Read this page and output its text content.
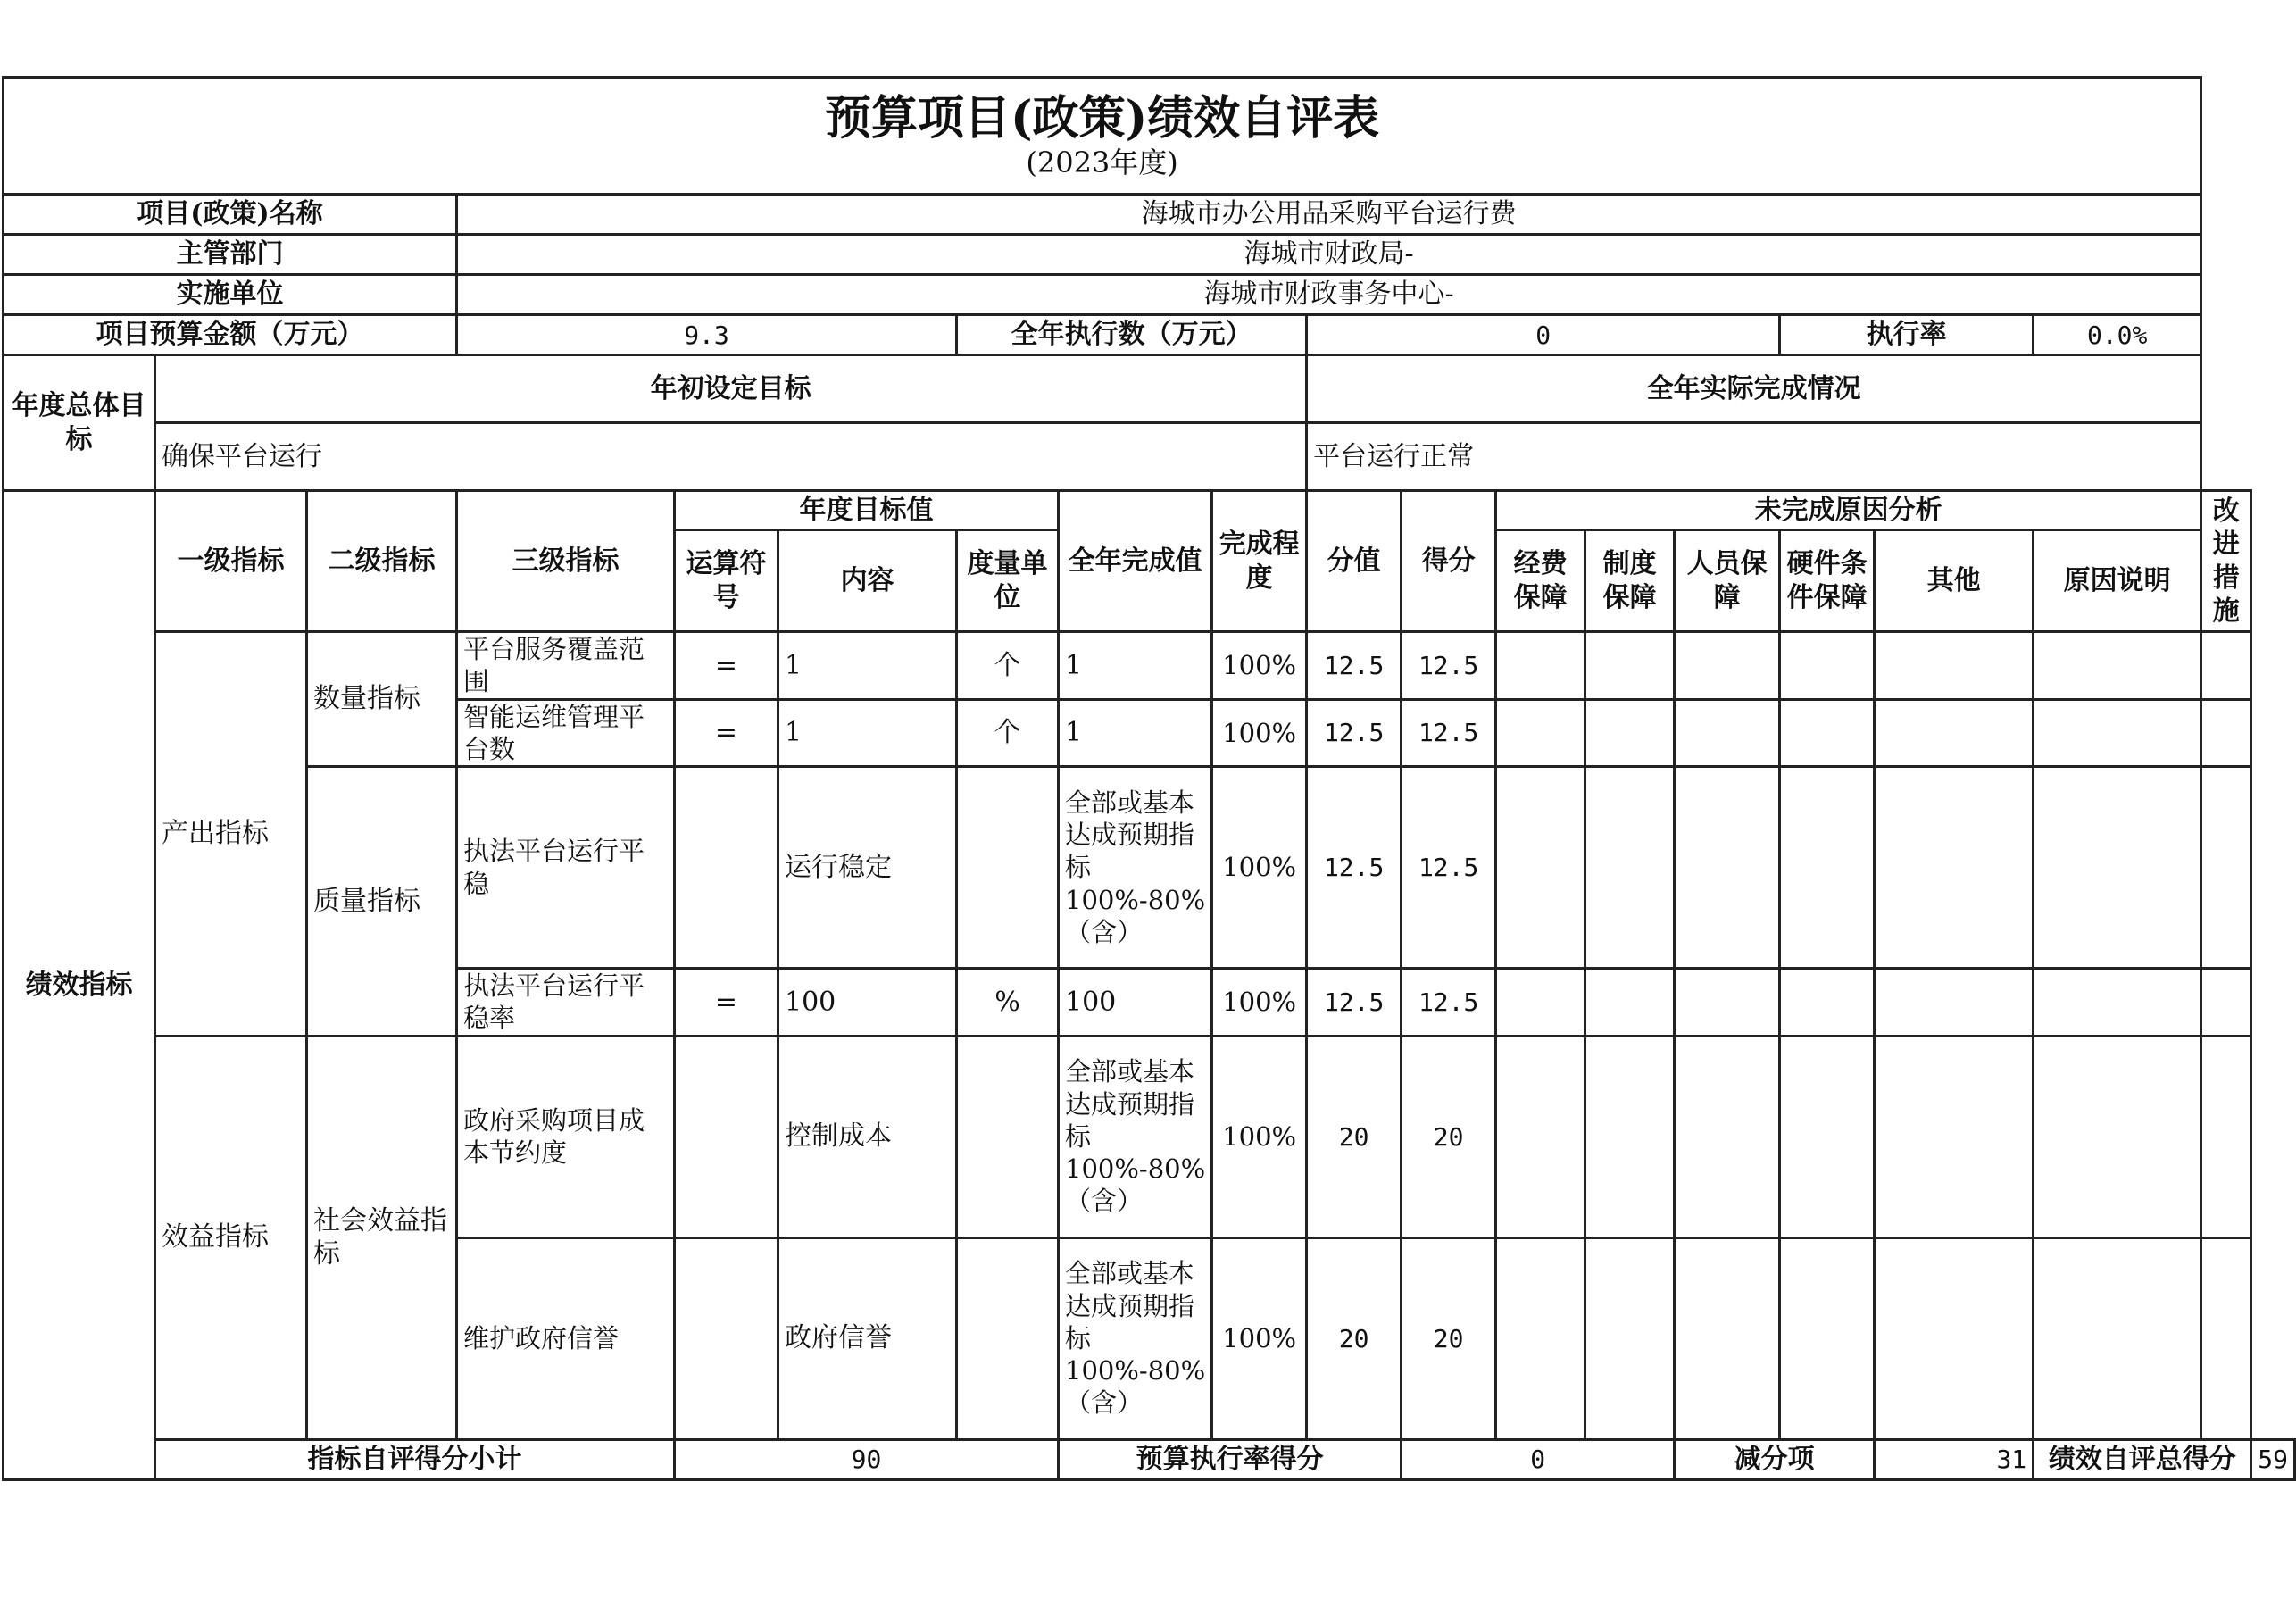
预算项目(政策)绩效自评表
(2023年度)																		

项目(政策)名称			海城市办公用品采购平台运行费															
主管部门			海城市财政局-															
实施单位			海城市财政事务中心-															
项目预算金额（万元）			9.3			全年执行数（万元）			0					执行率		0.0%		
年度总体目标	年初设定目标								全年实际完成情况									
	确保平台运行								平台运行正常									
绩效指标	一级指标	二级指标	三级指标	年度目标值			全年完成值	完成程度	分值	得分	未完成原因分析						改进措施	
				运算符号	内容	度量单位					经费保障	制度保障	人员保障	硬件条件保障	其他	原因说明		
	产出指标	数量指标	平台服务覆盖范围	=	1	个	1	100%	12.5	12.5								
			智能运维管理平台数	=	1	个	1	100%	12.5	12.5								
		质量指标	执法平台运行平稳		运行稳定		全部或基本达成预期指标100%-80%（含）	100%	12.5	12.5								
			执法平台运行平稳率	=	100	%	100	100%	12.5	12.5								
	效益指标	社会效益指标	政府采购项目成本节约度		控制成本		全部或基本达成预期指标100%-80%（含）	100%	20	20								
			维护政府信誉		政府信誉		全部或基本达成预期指标100%-80%（含）	100%	20	20								
	指标自评得分小计			90			预算执行率得分			0			减分项		31	绩效自评总得分		59
